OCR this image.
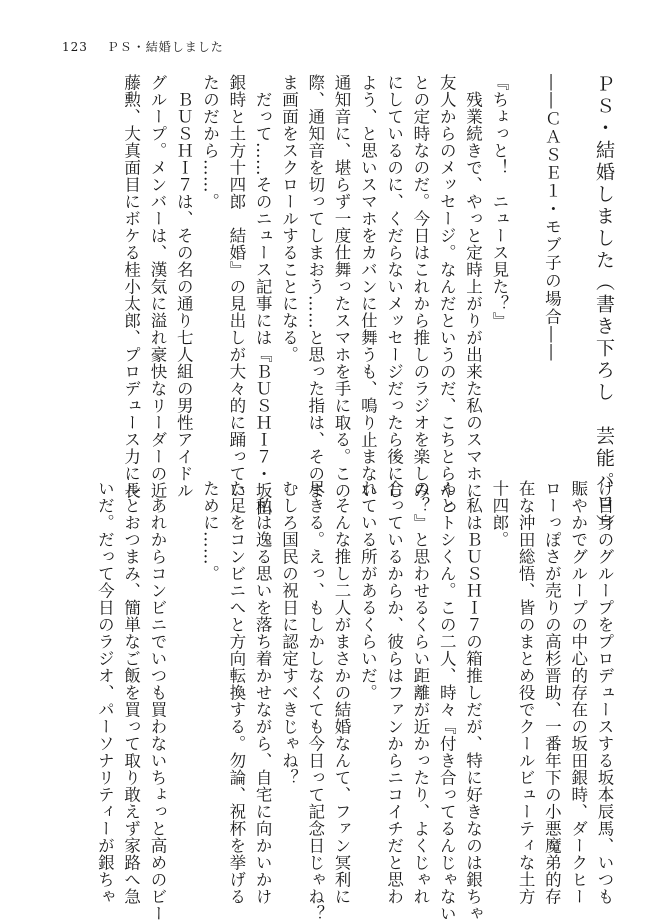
123 ＰＳ・結婚しました
ＰＳ・結婚しました（書き下ろし　芸能パロ）
――ＣＡＳＥ１・モブ子の場合――
『ちょっと！　ニュース見た？』
　残業続きで、やっと定時上がりが出来た私のスマホに
友人からのメッセージ。なんだというのだ、こちとらやっ
との定時なのだ。今日はこれから推しのラジオを楽しみ
にしているのに、くだらないメッセージだったら後にし
よう、と思いスマホをカバンに仕舞うも、鳴り止まない
通知音に、堪らず一度仕舞ったスマホを手に取る。この
際、通知音を切ってしまおう……と思った指は、そのま
ま画面をスクロールすることになる。
　だって……そのニュース記事には『ＢＵＳＨＩ７・坂田
銀時と土方十四郎　結婚』の見出しが大々的に踊ってい
たのだから……。
　ＢＵＳＨＩ７は、その名の通り七人組の男性アイドル
グループ。メンバーは、漢気に溢れ豪快なリーダーの近
藤勲、大真面目にボケる桂小太郎、プロデュース力に長
け自身のグループをプロデュースする坂本辰馬、いつも
賑やかでグループの中心的存在の坂田銀時、ダークヒー
ローっぽさが売りの高杉晋助、一番年下の小悪魔弟的存
在な沖田総悟、皆のまとめ役でクールビューティな土方
十四郎。
　私はＢＵＳＨＩ７の箱推しだが、特に好きなのは銀ちゃ
んとトシくん。この二人、時々『付き合ってるんじゃない
の？』と思わせるくらい距離が近かったり、よくじゃれ
合っているからか、彼らはファンからニコイチだと思わ
れている所があるくらいだ。
　そんな推し二人がまさかの結婚なんて、ファン冥利に
尽きる。えっ、もしかしなくても今日って記念日じゃね？
むしろ国民の祝日に認定すべきじゃね？
　私は逸る思いを落ち着かせながら、自宅に向かいかけ
た足をコンビニへと方向転換する。勿論、祝杯を挙げる
ために……。
　あれからコンビニでいつも買わないちょっと高めのビー
ルとおつまみ、簡単なご飯を買って取り敢えず家路へ急
いだ。だって今日のラジオ、パーソナリティーが銀ちゃ
